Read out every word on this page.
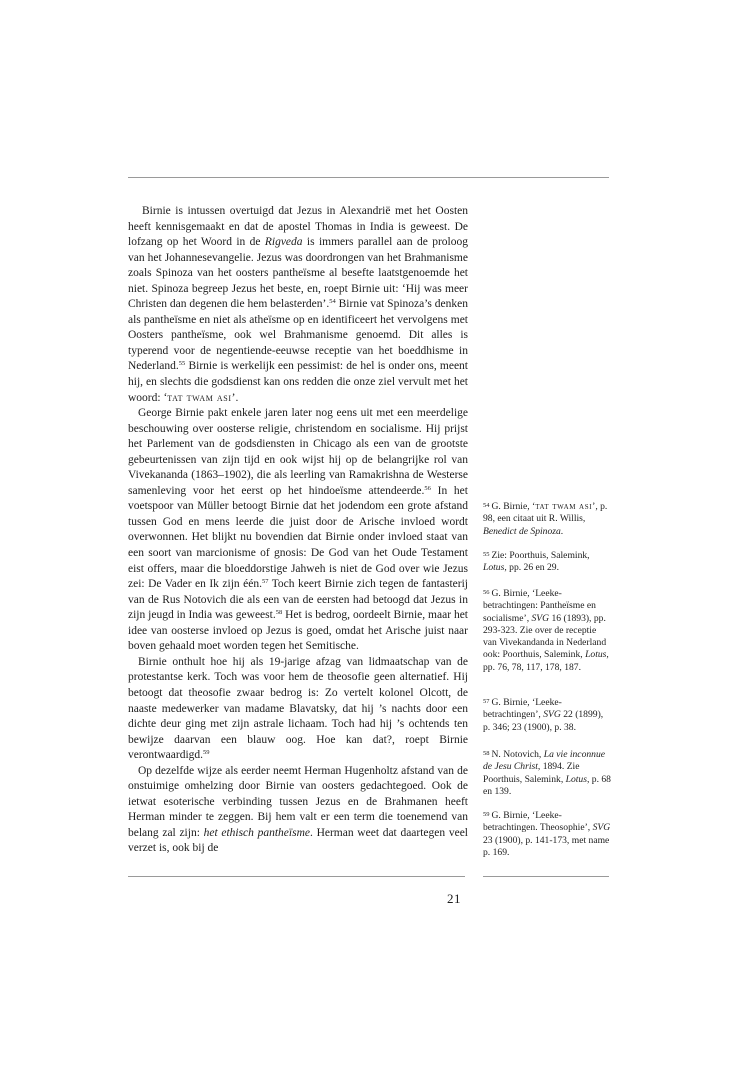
Birnie is intussen overtuigd dat Jezus in Alexandrië met het Oosten heeft kennisgemaakt en dat de apostel Thomas in India is geweest. De lofzang op het Woord in de Rigveda is immers parallel aan de proloog van het Johannesevangelie. Jezus was doordrongen van het Brahmanisme zoals Spinoza van het oosters pantheïsme al besefte laatstgenoemde het niet. Spinoza begreep Jezus het beste, en, roept Birnie uit: ‘Hij was meer Christen dan degenen die hem belasterden’.$^{54}$ Birnie vat Spinoza’s denken als pantheïsme en niet als atheïsme op en identificeert het vervolgens met Oosters pantheïsme, ook wel Brahmanisme genoemd. Dit alles is typerend voor de negentiende-eeuwse receptie van het boeddhisme in Nederland.$^{55}$ Birnie is werkelijk een pessimist: de hel is onder ons, meent hij, en slechts die godsdienst kan ons redden die onze ziel vervult met het woord: ‘tat twam asi’.

George Birnie pakt enkele jaren later nog eens uit met een meerdelige beschouwing over oosterse religie, christendom en socialisme. Hij prijst het Parlement van de godsdiensten in Chicago als een van de grootste gebeurtenissen van zijn tijd en ook wijst hij op de belangrijke rol van Vivekananda (1863–1902), die als leerling van Ramakrishna de Westerse samenleving voor het eerst op het hindoeïsme attendeerde.$^{56}$ In het voetspoor van Müller betoogt Birnie dat het jodendom een grote afstand tussen God en mens leerde die juist door de Arische invloed wordt overwonnen. Het blijkt nu bovendien dat Birnie onder invloed staat van een soort van marcionisme of gnosis: De God van het Oude Testament eist offers, maar die bloeddorstige Jahweh is niet de God over wie Jezus zei: De Vader en Ik zijn één.$^{57}$ Toch keert Birnie zich tegen de fantasterij van de Rus Notovich die als een van de eersten had betoogd dat Jezus in zijn jeugd in India was geweest.$^{58}$ Het is bedrog, oordeelt Birnie, maar het idee van oosterse invloed op Jezus is goed, omdat het Arische juist naar boven gehaald moet worden tegen het Semitische.

Birnie onthult hoe hij als 19-jarige afzag van lidmaatschap van de protestantse kerk. Toch was voor hem de theosofie geen alternatief. Hij betoogt dat theosofie zwaar bedrog is: Zo vertelt kolonel Olcott, de naaste medewerker van madame Blavatsky, dat hij ’s nachts door een dichte deur ging met zijn astrale lichaam. Toch had hij ’s ochtends ten bewijze daarvan een blauw oog. Hoe kan dat?, roept Birnie verontwaardigd.$^{59}$

Op dezelfde wijze als eerder neemt Herman Hugenholtz afstand van de onstuimige omhelzing door Birnie van oosters gedachtegoed. Ook de ietwat esoterische verbinding tussen Jezus en de Brahmanen heeft Herman minder te zeggen. Bij hem valt er een term die toenemend van belang zal zijn: het ethisch pantheïsme. Herman weet dat daartegen veel verzet is, ook bij de

$^{54}$ G. Birnie, ‘tat twam asi’, p. 98, een citaat uit R. Willis, Benedict de Spinoza.

$^{55}$ Zie: Poorthuis, Salemink, Lotus, pp. 26 en 29.

$^{56}$ G. Birnie, ‘Leeke-betrachtingen: Pantheïsme en socialisme’, SVG 16 (1893), pp. 293-323. Zie over de receptie van Vivekandanda in Nederland ook: Poorthuis, Salemink, Lotus, pp. 76, 78, 117, 178, 187.

$^{57}$ G. Birnie, ‘Leeke-betrachtingen’, SVG 22 (1899), p. 346; 23 (1900), p. 38.

$^{58}$ N. Notovich, La vie inconnue de Jesu Christ, 1894. Zie Poorthuis, Salemink, Lotus, p. 68 en 139.

$^{59}$ G. Birnie, ‘Leeke-betrachtingen. Theosophie’, SVG 23 (1900), p. 141-173, met name p. 169.

21
